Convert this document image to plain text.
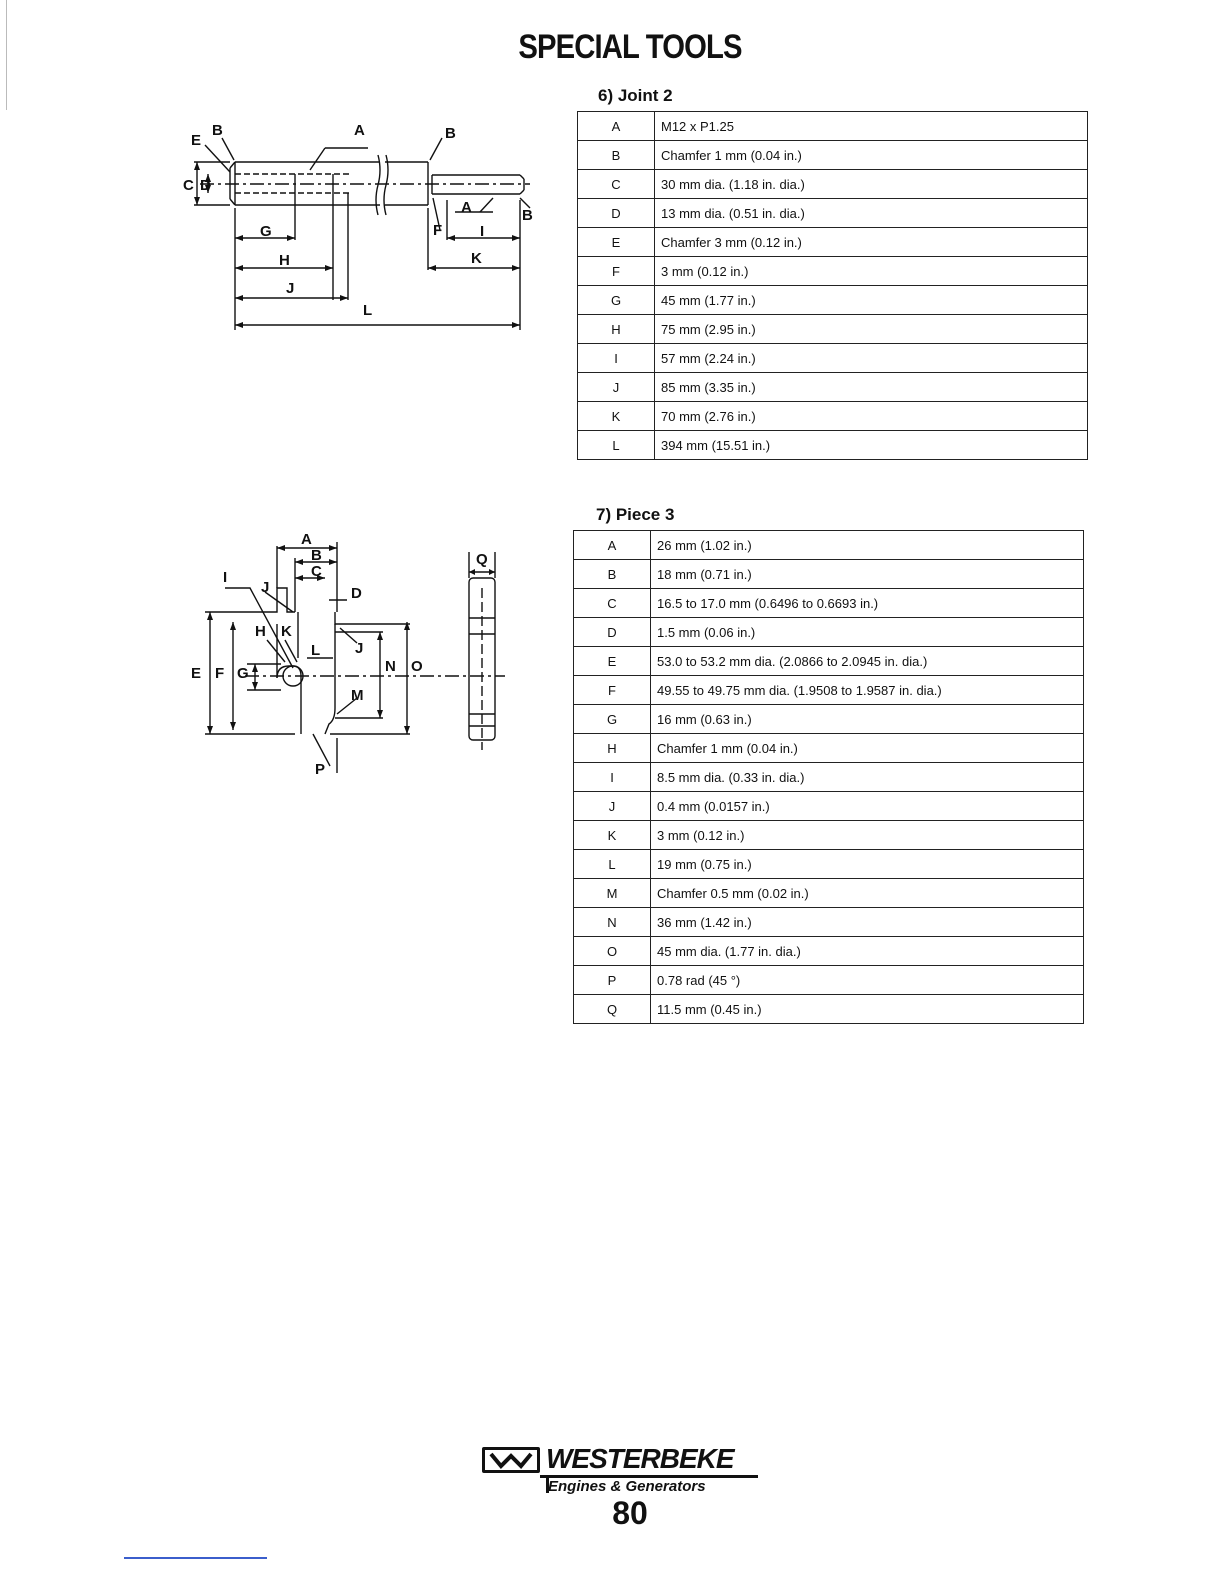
SPECIAL TOOLS
6) Joint 2
A	M12 x P1.25
B	Chamfer 1 mm (0.04 in.)
C	30 mm dia. (1.18 in. dia.)
D	13 mm dia. (0.51 in. dia.)
E	Chamfer 3 mm (0.12 in.)
F	3 mm (0.12 in.)
G	45 mm (1.77 in.)
H	75 mm (2.95 in.)
I	57 mm (2.24 in.)
J	85 mm (3.35 in.)
K	70 mm (2.76 in.)
L	394 mm (15.51 in.)
E
B	A	B
C D
A	B
F
G	I
H	K
J
L
7) Piece 3
A	26 mm (1.02 in.)
B	18 mm (0.71 in.)
C	16.5 to 17.0 mm (0.6496 to 0.6693 in.)
D	1.5 mm (0.06 in.)
E	53.0 to 53.2 mm dia. (2.0866 to 2.0945 in. dia.)
F	49.55 to 49.75 mm dia. (1.9508 to 1.9587 in. dia.)
G	16 mm (0.63 in.)
H	Chamfer 1 mm (0.04 in.)
I	8.5 mm dia. (0.33 in. dia.)
J	0.4 mm (0.0157 in.)
K	3 mm (0.12 in.)
L	19 mm (0.75 in.)
M	Chamfer 0.5 mm (0.02 in.)
N	36 mm (1.42 in.)
O	45 mm dia. (1.77 in. dia.)
P	0.78 rad (45 °)
Q	11.5 mm (0.45 in.)
A
B
C
D
I
J
H K
L J
E F G	N O
M
P
Q
WESTERBEKE
Engines & Generators
80
